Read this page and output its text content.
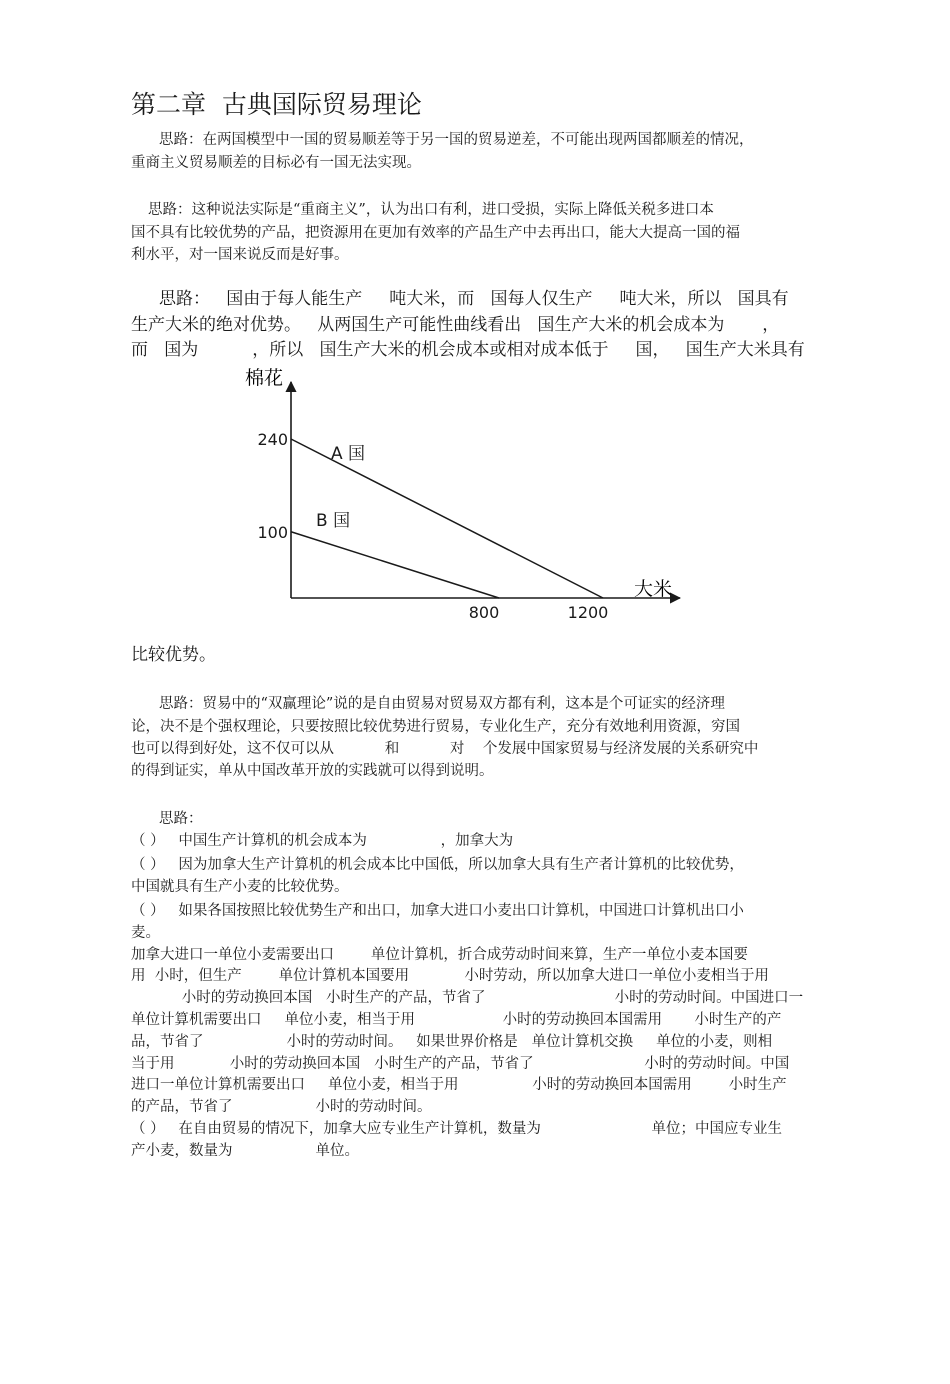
第二章  古典国际贸易理论
思路：在两国模型中一国的贸易顺差等于另一国的贸易逆差，不可能出现两国都顺差的情况，
重商主义贸易顺差的目标必有一国无法实现。
思路：这种说法实际是“重商主义”，认为出口有利，进口受损，实际上降低关税多进口本
国不具有比较优势的产品，把资源用在更加有效率的产品生产中去再出口，能大大提高一国的福
利水平，对一国来说反而是好事。
思路：   国由于每人能生产     吨大米，而   国每人仅生产     吨大米，所以   国具有
生产大米的绝对优势。   从两国生产可能性曲线看出   国生产大米的机会成本为       ，
而   国为          ，所以   国生产大米的机会成本或相对成本低于     国，   国生产大米具有
棉花
大米
A 国
B 国
240
100
800	1200
比较优势。
思路：贸易中的“双赢理论”说的是自由贸易对贸易双方都有利，这本是个可证实的经济理
论，决不是个强权理论，只要按照比较优势进行贸易，专业化生产，充分有效地利用资源，穷国
也可以得到好处，这不仅可以从           和           对    个发展中国家贸易与经济发展的关系研究中
的得到证实，单从中国改革开放的实践就可以得到说明。
思路：
（ ）   中国生产计算机的机会成本为                ，加拿大为
（ ）   因为加拿大生产计算机的机会成本比中国低，所以加拿大具有生产者计算机的比较优势，
中国就具有生产小麦的比较优势。
（ ）   如果各国按照比较优势生产和出口，加拿大进口小麦出口计算机，中国进口计算机出口小
麦。
加拿大进口一单位小麦需要出口        单位计算机，折合成劳动时间来算，生产一单位小麦本国要
用  小时，但生产        单位计算机本国要用            小时劳动，所以加拿大进口一单位小麦相当于用
小时的劳动换回本国   小时生产的产品，节省了                            小时的劳动时间。中国进口一
单位计算机需要出口     单位小麦，相当于用                   小时的劳动换回本国需用       小时生产的产
品，节省了                  小时的劳动时间。   如果世界价格是   单位计算机交换     单位的小麦，则相
当于用            小时的劳动换回本国   小时生产的产品，节省了                        小时的劳动时间。中国
进口一单位计算机需要出口     单位小麦，相当于用                小时的劳动换回本国需用        小时生产
的产品，节省了                  小时的劳动时间。
（ ）   在自由贸易的情况下，加拿大应专业生产计算机，数量为                        单位；中国应专业生
产小麦，数量为                  单位。
